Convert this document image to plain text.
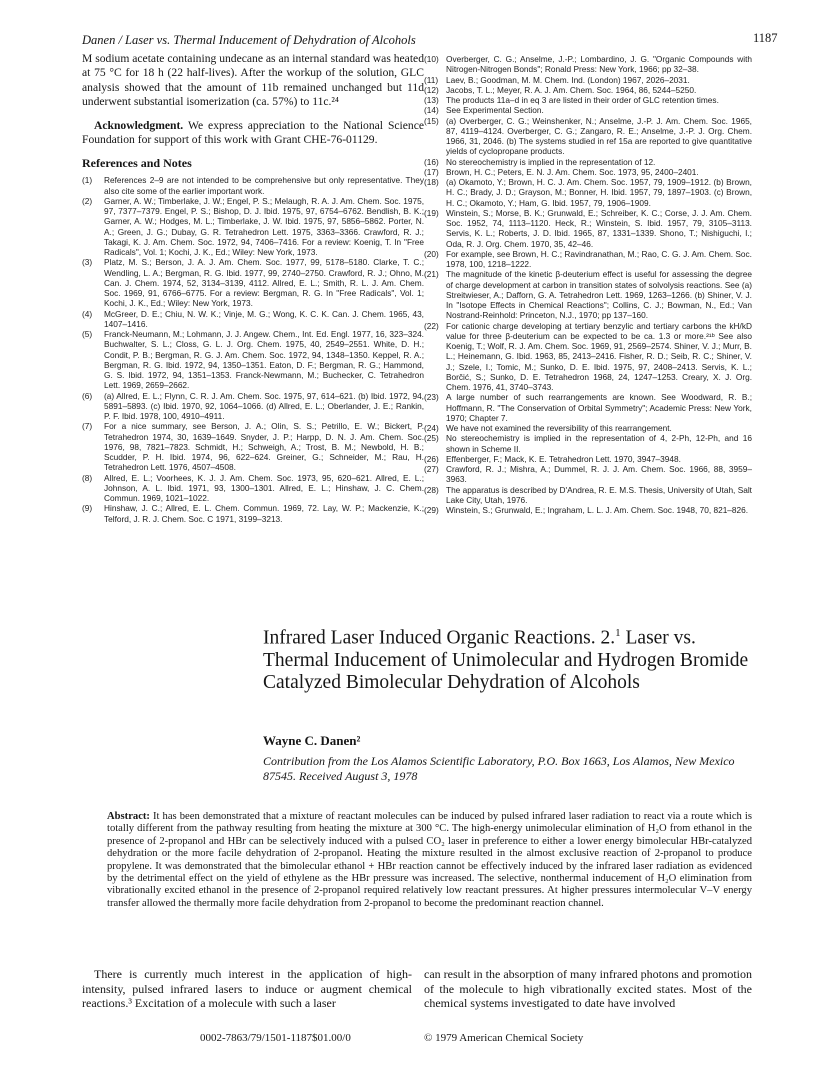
Danen / Laser vs. Thermal Inducement of Dehydration of Alcohols	1187

M sodium acetate containing undecane as an internal standard was heated at 75 °C for 18 h (22 half-lives). After the workup of the solution, GLC analysis showed that the amount of 11b remained unchanged but 11d underwent substantial isomerization (ca. 57%) to 11c.²⁴

Acknowledgment. We express appreciation to the National Science Foundation for support of this work with Grant CHE-76-01129.

References and Notes
(1)	References 2–9 are not intended to be comprehensive but only representative. They also cite some of the earlier important work.
(2)	Garner, A. W.; Timberlake, J. W.; Engel, P. S.; Melaugh, R. A. J. Am. Chem. Soc. 1975, 97, 7377–7379. Engel, P. S.; Bishop, D. J. Ibid. 1975, 97, 6754–6762. Bendlish, B. K.; Garner, A. W.; Hodges, M. L.; Timberlake, J. W. Ibid. 1975, 97, 5856–5862. Porter, N. A.; Green, J. G.; Dubay, G. R. Tetrahedron Lett. 1975, 3363–3366. Crawford, R. J.; Takagi, K. J. Am. Chem. Soc. 1972, 94, 7406–7416. For a review: Koenig, T. In "Free Radicals", Vol. 1; Kochi, J. K., Ed.; Wiley: New York, 1973.
(3)	Platz, M. S.; Berson, J. A. J. Am. Chem. Soc. 1977, 99, 5178–5180. Clarke, T. C.; Wendling, L. A.; Bergman, R. G. Ibid. 1977, 99, 2740–2750. Crawford, R. J.; Ohno, M. Can. J. Chem. 1974, 52, 3134–3139, 4112. Allred, E. L.; Smith, R. L. J. Am. Chem. Soc. 1969, 91, 6766–6775. For a review: Bergman, R. G. In "Free Radicals", Vol. 1; Kochi, J. K., Ed.; Wiley: New York, 1973.
(4)	McGreer, D. E.; Chiu, N. W. K.; Vinje, M. G.; Wong, K. C. K. Can. J. Chem. 1965, 43, 1407–1416.
(5)	Franck-Neumann, M.; Lohmann, J. J. Angew. Chem., Int. Ed. Engl. 1977, 16, 323–324. Buchwalter, S. L.; Closs, G. L. J. Org. Chem. 1975, 40, 2549–2551. White, D. H.; Condit, P. B.; Bergman, R. G. J. Am. Chem. Soc. 1972, 94, 1348–1350. Keppel, R. A.; Bergman, R. G. Ibid. 1972, 94, 1350–1351. Eaton, D. F.; Bergman, R. G.; Hammond, G. S. Ibid. 1972, 94, 1351–1353. Franck-Newmann, M.; Buchecker, C. Tetrahedron Lett. 1969, 2659–2662.
(6)	(a) Allred, E. L.; Flynn, C. R. J. Am. Chem. Soc. 1975, 97, 614–621. (b) Ibid. 1972, 94, 5891–5893. (c) Ibid. 1970, 92, 1064–1066. (d) Allred, E. L.; Oberlander, J. E.; Rankin, P. F. Ibid. 1978, 100, 4910–4911.
(7)	For a nice summary, see Berson, J. A.; Olin, S. S.; Petrillo, E. W.; Bickert, P. Tetrahedron 1974, 30, 1639–1649. Snyder, J. P.; Harpp, D. N. J. Am. Chem. Soc. 1976, 98, 7821–7823. Schmidt, H.; Schweigh, A.; Trost, B. M.; Newbold, H. B.; Scudder, P. H. Ibid. 1974, 96, 622–624. Greiner, G.; Schneider, M.; Rau, H. Tetrahedron Lett. 1976, 4507–4508.
(8)	Allred, E. L.; Voorhees, K. J. J. Am. Chem. Soc. 1973, 95, 620–621. Allred, E. L.; Johnson, A. L. Ibid. 1971, 93, 1300–1301. Allred, E. L.; Hinshaw, J. C. Chem. Commun. 1969, 1021–1022.
(9)	Hinshaw, J. C.; Allred, E. L. Chem. Commun. 1969, 72. Lay, W. P.; Mackenzie, K.; Telford, J. R. J. Chem. Soc. C 1971, 3199–3213.
(10) Overberger, C. G.; Anselme, J.-P.; Lombardino, J. G. "Organic Compounds with Nitrogen-Nitrogen Bonds"; Ronald Press: New York, 1966; pp 32–38.
(11) Laev, B.; Goodman, M. M. Chem. Ind. (London) 1967, 2026–2031.
(12) Jacobs, T. L.; Meyer, R. A. J. Am. Chem. Soc. 1964, 86, 5244–5250.
(13) The products 11a–d in eq 3 are listed in their order of GLC retention times.
(14) See Experimental Section.
(15) (a) Overberger, C. G.; Weinshenker, N.; Anselme, J.-P. J. Am. Chem. Soc. 1965, 87, 4119–4124. Overberger, C. G.; Zangaro, R. E.; Anselme, J.-P. J. Org. Chem. 1966, 31, 2046. (b) The systems studied in ref 15a are reported to give quantitative yields of cyclopropane products.
(16) No stereochemistry is implied in the representation of 12.
(17) Brown, H. C.; Peters, E. N. J. Am. Chem. Soc. 1973, 95, 2400–2401.
(18) (a) Okamoto, Y.; Brown, H. C. J. Am. Chem. Soc. 1957, 79, 1909–1912. (b) Brown, H. C.; Brady, J. D.; Grayson, M.; Bonner, H. Ibid. 1957, 79, 1897–1903. (c) Brown, H. C.; Okamoto, Y.; Ham, G. Ibid. 1957, 79, 1906–1909.
(19) Winstein, S.; Morse, B. K.; Grunwald, E.; Schreiber, K. C.; Corse, J. J. Am. Chem. Soc. 1952, 74, 1113–1120. Heck, R.; Winstein, S. Ibid. 1957, 79, 3105–3113. Servis, K. L.; Roberts, J. D. Ibid. 1965, 87, 1331–1339. Shono, T.; Nishiguchi, I.; Oda, R. J. Org. Chem. 1970, 35, 42–46.
(20) For example, see Brown, H. C.; Ravindranathan, M.; Rao, C. G. J. Am. Chem. Soc. 1978, 100, 1218–1222.
(21) The magnitude of the kinetic β-deuterium effect is useful for assessing the degree of charge development at carbon in transition states of solvolysis reactions. See (a) Streitwieser, A.; Dafforn, G. A. Tetrahedron Lett. 1969, 1263–1266. (b) Shiner, V. J. In "Isotope Effects in Chemical Reactions"; Collins, C. J.; Bowman, N., Ed.; Van Nostrand-Reinhold: Princeton, N.J., 1970; pp 137–160.
(22) For cationic charge developing at tertiary benzylic and tertiary carbons the kH/kD value for three β-deuterium can be expected to be ca. 1.3 or more.²¹ᵇ See also Koenig, T.; Wolf, R. J. Am. Chem. Soc. 1969, 91, 2569–2574. Shiner, V. J.; Murr, B. L.; Heinemann, G. Ibid. 1963, 85, 2413–2416. Fisher, R. D.; Seib, R. C.; Shiner, V. J.; Szele, I.; Tomic, M.; Sunko, D. E. Ibid. 1975, 97, 2408–2413. Servis, K. L.; Borčić, S.; Sunko, D. E. Tetrahedron 1968, 24, 1247–1253. Creary, X. J. Org. Chem. 1976, 41, 3740–3743.
(23) A large number of such rearrangements are known. See Woodward, R. B.; Hoffmann, R. "The Conservation of Orbital Symmetry"; Academic Press: New York, 1970; Chapter 7.
(24) We have not examined the reversibility of this rearrangement.
(25) No stereochemistry is implied in the representation of 4, 2-Ph, 12-Ph, and 16 shown in Scheme II.
(26) Effenberger, F.; Mack, K. E. Tetrahedron Lett. 1970, 3947–3948.
(27) Crawford, R. J.; Mishra, A.; Dummel, R. J. J. Am. Chem. Soc. 1966, 88, 3959–3963.
(28) The apparatus is described by D'Andrea, R. E. M.S. Thesis, University of Utah, Salt Lake City, Utah, 1976.
(29) Winstein, S.; Grunwald, E.; Ingraham, L. L. J. Am. Chem. Soc. 1948, 70, 821–826.
Infrared Laser Induced Organic Reactions. 2.$^1$ Laser vs. Thermal Inducement of Unimolecular and Hydrogen Bromide Catalyzed Bimolecular Dehydration of Alcohols
Wayne C. Danen²
Contribution from the Los Alamos Scientific Laboratory, P.O. Box 1663, Los Alamos, New Mexico 87545. Received August 3, 1978
Abstract: It has been demonstrated that a mixture of reactant molecules can be induced by pulsed infrared laser radiation to react via a route which is totally different from the pathway resulting from heating the mixture at 300 °C. The high-energy unimolecular elimination of H₂O from ethanol in the presence of 2-propanol and HBr can be selectively induced with a pulsed CO₂ laser in preference to either a lower energy bimolecular HBr-catalyzed dehydration or the more facile dehydration of 2-propanol. Heating the mixture resulted in the almost exclusive reaction of 2-propanol to produce propylene. It was demonstrated that the bimolecular ethanol + HBr reaction cannot be effectively induced by the infrared laser radiation as evidenced by the detrimental effect on the yield of ethylene as the HBr pressure was increased. The selective, nonthermal inducement of H₂O elimination from vibrationally excited ethanol in the presence of 2-propanol required relatively low reactant pressures. At higher pressures intermolecular V–V energy transfer allowed the thermally more facile dehydration from 2-propanol to become the predominant reaction channel.
There is currently much interest in the application of high-intensity, pulsed infrared lasers to induce or augment chemical reactions.³ Excitation of a molecule with such a laser
can result in the absorption of many infrared photons and promotion of the molecule to high vibrationally excited states. Most of the chemical systems investigated to date have involved
0002-7863/79/1501-1187$01.00/0	© 1979 American Chemical Society
